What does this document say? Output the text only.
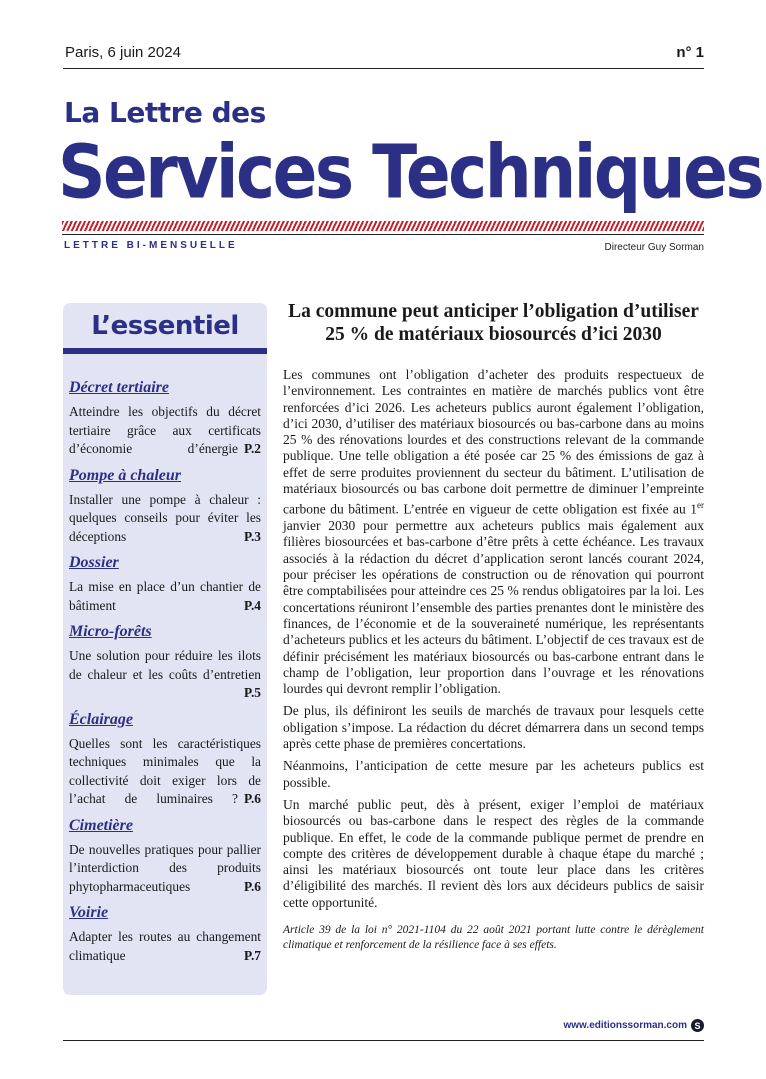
Paris, 6 juin 2024	n° 1
La Lettre des
Services Techniques
LETTRE BI-MENSUELLE	Directeur Guy Sorman
L’essentiel
Décret tertiaire
Atteindre les objectifs du décret tertiaire grâce aux certificats d’économie d’énergie P.2
Pompe à chaleur
Installer une pompe à chaleur : quelques conseils pour éviter les déceptions	P.3
Dossier
La mise en place d’un chantier de bâtiment	P.4
Micro-forêts
Une solution pour réduire les ilots de chaleur et les coûts d’entretien
P.5
Éclairage
Quelles sont les caractéristiques techniques minimales que la collectivité doit exiger lors de l’achat de luminaires ? P.6
Cimetière
De nouvelles pratiques pour pallier l’interdiction des produits phytopharmaceutiques	P.6
Voirie
Adapter les routes au changement climatique	P.7
La commune peut anticiper l’obligation d’utiliser 25 % de matériaux biosourcés d’ici 2030

Les communes ont l’obligation d’acheter des produits respectueux de l’environnement. Les contraintes en matière de marchés publics vont être renforcées d’ici 2026. Les acheteurs publics auront également l’obligation, d’ici 2030, d’utiliser des matériaux biosourcés ou bas-carbone dans au moins 25 % des rénovations lourdes et des constructions relevant de la commande publique. Une telle obligation a été posée car 25 % des émissions de gaz à effet de serre produites proviennent du secteur du bâtiment. L’utilisation de matériaux biosourcés ou bas carbone doit permettre de diminuer l’empreinte carbone du bâtiment. L’entrée en vigueur de cette obligation est fixée au 1er janvier 2030 pour permettre aux acheteurs publics mais également aux filières biosourcées et bas-carbone d’être prêts à cette échéance. Les travaux associés à la rédaction du décret d’application seront lancés courant 2024, pour préciser les opérations de construction ou de rénovation qui pourront être comptabilisées pour atteindre ces 25 % rendus obligatoires par la loi. Les concertations réuniront l’ensemble des parties prenantes dont le ministère des finances, de l’économie et de la souveraineté numérique, les représentants d’acheteurs publics et les acteurs du bâtiment. L’objectif de ces travaux est de définir précisément les matériaux biosourcés ou bas-carbone entrant dans le champ de l’obligation, leur proportion dans l’ouvrage et les rénovations lourdes qui devront remplir l’obligation.

De plus, ils définiront les seuils de marchés de travaux pour lesquels cette obligation s’impose. La rédaction du décret démarrera dans un second temps après cette phase de premières concertations.

Néanmoins, l’anticipation de cette mesure par les acheteurs publics est possible.

Un marché public peut, dès à présent, exiger l’emploi de matériaux biosourcés ou bas-carbone dans le respect des règles de la commande publique. En effet, le code de la commande publique permet de prendre en compte des critères de développement durable à chaque étape du marché ; ainsi les matériaux biosourcés ont toute leur place dans les critères d’éligibilité des marchés. Il revient dès lors aux décideurs publics de saisir cette opportunité.

Article 39 de la loi n° 2021-1104 du 22 août 2021 portant lutte contre le dérèglement climatique et renforcement de la résilience face à ses effets.

www.editionssorman.com S
